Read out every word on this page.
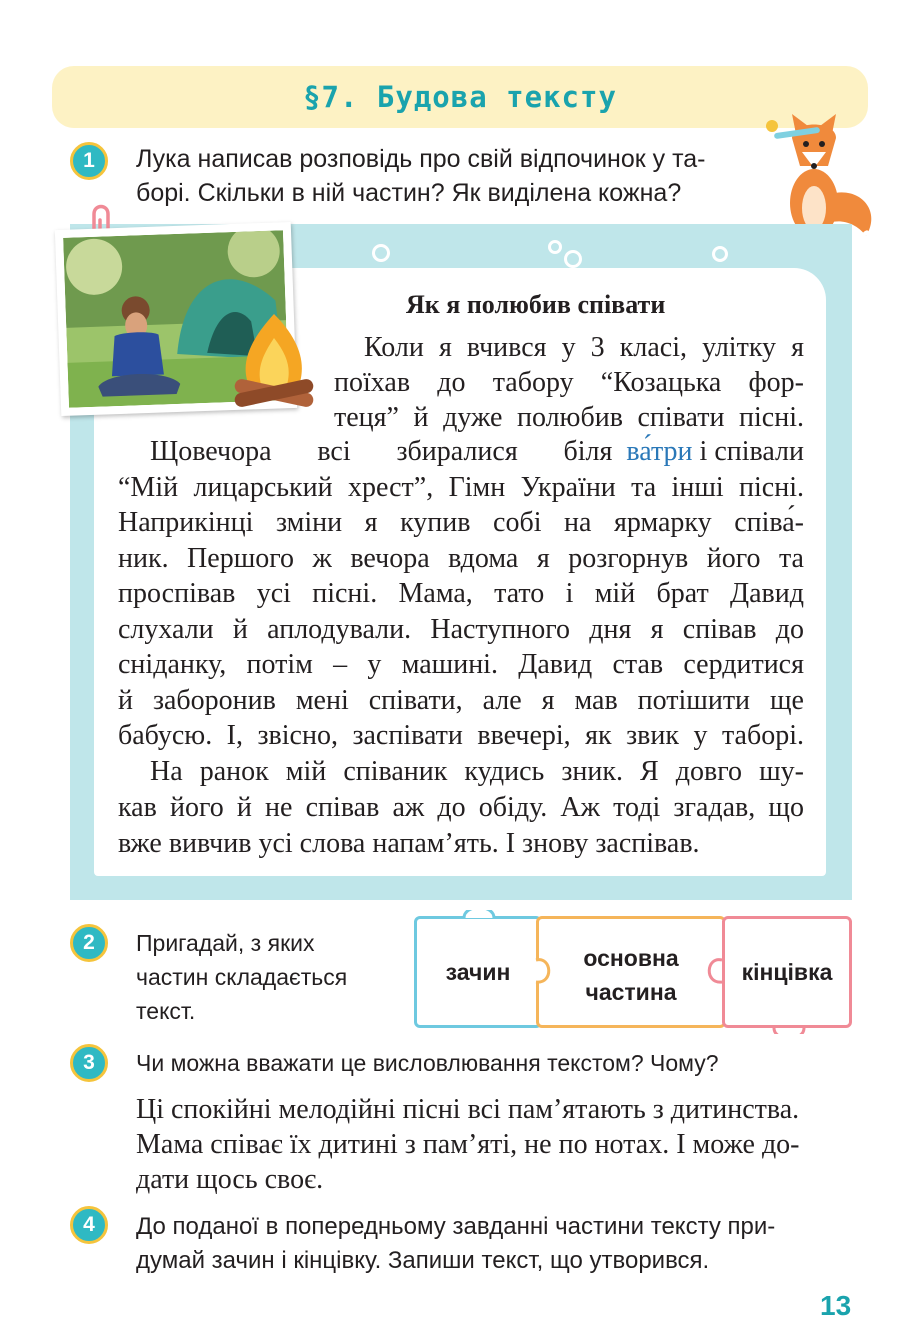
§7. Будова тексту
1	Лука написав розповідь про свій відпочинок у та-
борі. Скільки в ній частин? Як виділена кожна?
Як я полюбив співати
Коли я вчився у 3 класі, улітку я
поїхав до табору “Козацька фор-
теця” й дуже полюбив співати пісні.
Щовечора всі збиралися біля
ва́три і співали
“Мій лицарський хрест”, Гімн України та інші пісні.
Наприкінці зміни я купив собі на ярмарку співа́-
ник. Першого ж вечора вдома я розгорнув його та
проспівав усі пісні. Мама, тато і мій брат Давид
слухали й аплодували. Наступного дня я співав до
сніданку, потім – у машині. Давид став сердитися
й заборонив мені співати, але я мав потішити ще
бабусю. І, звісно, заспівати ввечері, як звик у таборі.
На ранок мій співаник кудись зник. Я довго шу-
кав його й не співав аж до обіду. Аж тоді згадав, що
вже вивчив усі слова напам’ять. І знову заспівав.
2	Пригадай, з яких
частин складається
текст.
зачин
основна
частина
кінцівка
3	Чи можна вважати це висловлювання текстом? Чому?
Ці спокійні мелодійні пісні всі пам’ятають з дитинства.
Мама співає їх дитині з пам’яті, не по нотах. І може до-
дати щось своє.
4	До поданої в попередньому завданні частини тексту при-
думай зачин і кінцівку. Запиши текст, що утворився.
13
